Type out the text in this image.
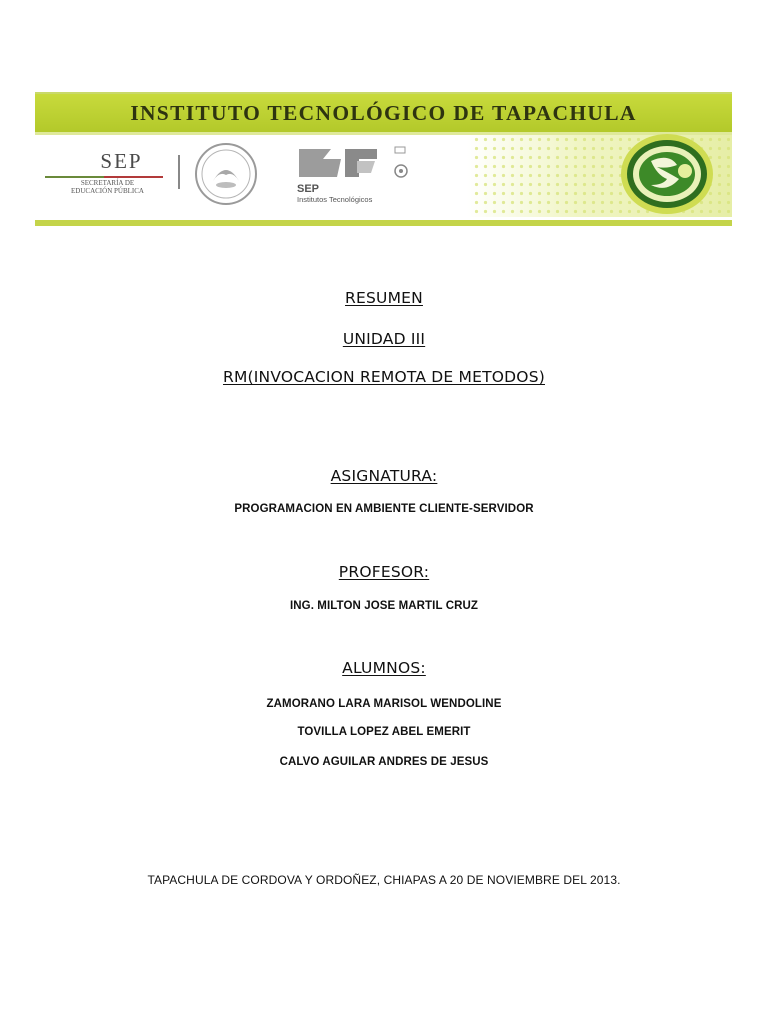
INSTITUTO TECNOLÓGICO DE TAPACHULA
SEP
SECRETARÍA DE
EDUCACIÓN PÚBLICA	SEP
Institutos Tecnológicos
RESUMEN
UNIDAD III
RM(INVOCACION REMOTA DE METODOS)
ASIGNATURA:
PROGRAMACION EN AMBIENTE CLIENTE-SERVIDOR
PROFESOR:
ING. MILTON JOSE MARTIL CRUZ
ALUMNOS:
ZAMORANO LARA MARISOL WENDOLINE
TOVILLA LOPEZ ABEL EMERIT
CALVO AGUILAR ANDRES DE JESUS
TAPACHULA DE CORDOVA Y ORDOÑEZ, CHIAPAS A 20 DE NOVIEMBRE DEL 2013.
